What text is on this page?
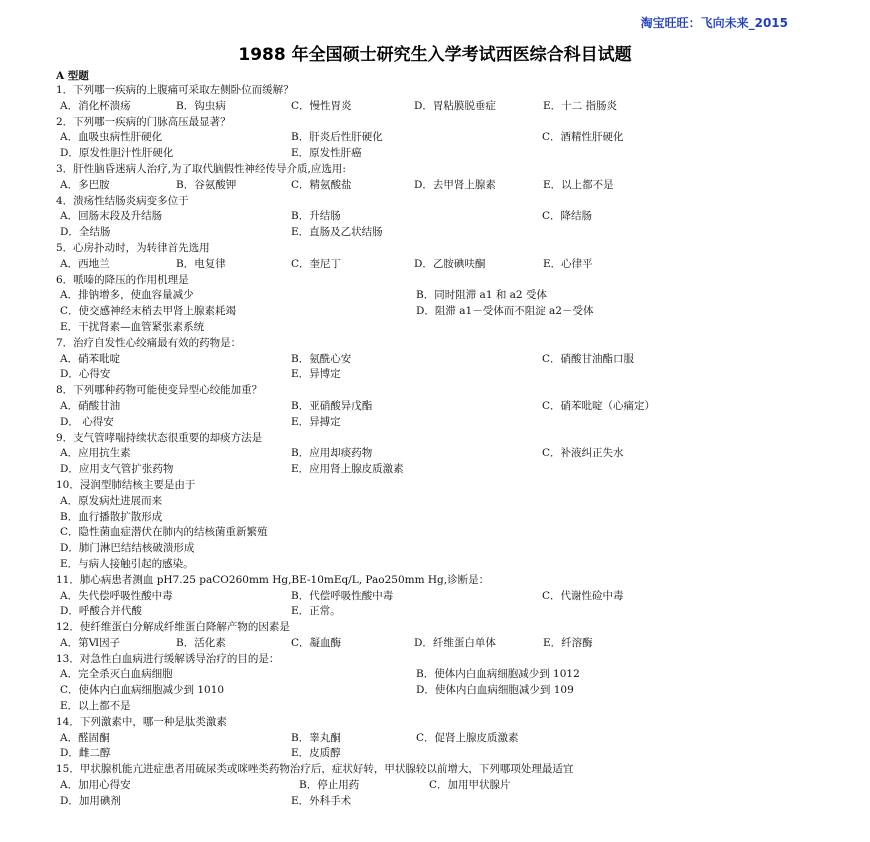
淘宝旺旺：飞向未来_2015
1988 年全国硕士研究生入学考试西医综合科目试题
A 型题
1．下列哪一疾病的上腹痛可采取左侧卧位而缓解？
A．消化杯溃疡	B．钩虫病	C．慢性胃炎	D．胃粘膜脱垂症	E．十二 指肠炎
2．下列哪一疾病的门脉高压最显著？
A．血吸虫病性肝硬化	B．肝炎后性肝硬化	C．酒精性肝硬化
D．原发性胆汁性肝硬化	E．原发性肝癌
3．肝性脑昏迷病人治疗,为了取代脑假性神经传导介质,应选用:
A．多巴胺	B．谷氨酸钾	C．精氨酸盐	D．去甲肾上腺素	E．以上都不是
4．溃疡性结肠炎病变多位于
A．回肠末段及升结肠	B．升结肠	C．降结肠
D．全结肠	E．直肠及乙状结肠
5．心房扑动时，为转律首先选用
A．西地兰	B．电复律	C．奎尼丁	D．乙胺碘呋酮	E．心律平
6．哌嗪的降压的作用机理是
A．排钠增多，使血容量减少	B．同时阻滞 a1 和 a2 受体
C．使交感神经末梢去甲肾上腺素耗竭	D．阻滞 a1－受体而不阻淀 a2－受体
E．干扰肾素—血管紧张素系统
7．治疗自发性心绞痛最有效的药物是：
A．硝苯吡啶	B．氨酰心安	C．硝酸甘油酯口服
D．心得安	E．异博定
8．下列哪种药物可能使变异型心绞能加重？
A．硝酸甘油	B．亚硝酸异戊酯	C．硝苯吡啶（心痛定）
D． 心得安	E．异搏定
9．支气管哮喘持续状态很重要的却痰方法是
A．应用抗生素	B．应用却痰药物	C．补液纠正失水
D．应用支气管扩张药物	E．应用肾上腺皮质激素
10．浸润型肺结核主要是由于
A．原发病灶进展而来
B．血行播散扩散形成
C．隐性菌血症潜伏在肺内的结核菌重新繁殖
D．肺门淋巴结结核破溃形成
E．与病人接触引起的感染。
11．肺心病患者测血 pH7.25 paCO260mm Hg,BE-10mEq/L, Pao250mm Hg,诊断是：
A．失代偿呼吸性酸中毒	B．代偿呼吸性酸中毒	C．代谢性硷中毒
D．呼酸合并代酸	E．正常。
12．使纤维蛋白分解成纤维蛋白降解产物的因素是
A．第Ⅵ因子	B．活化素	C．凝血酶	D．纤维蛋白单体	E．纤溶酶
13．对急性白血病进行缓解诱导治疗的目的是：
A．完全杀灭白血病细胞	B．使体内白血病细胞减少到 1012
C．使体内白血病细胞减少到 1010	D．使体内白血病细胞减少到 109
E．以上都不是
14．下列激素中，哪一种是肽类激素
A．醛固酮	B．睾丸酮	C．促肾上腺皮质激素
D．雌二醇	E．皮质醇
15．甲状腺机能亢进症患者用硫尿类或咪唑类药物治疗后，症状好转，甲状腺较以前增大，下列哪项处理最适宜
A．加用心得安	B．停止用药	C．加用甲状腺片
D．加用碘剂	E．外科手术
